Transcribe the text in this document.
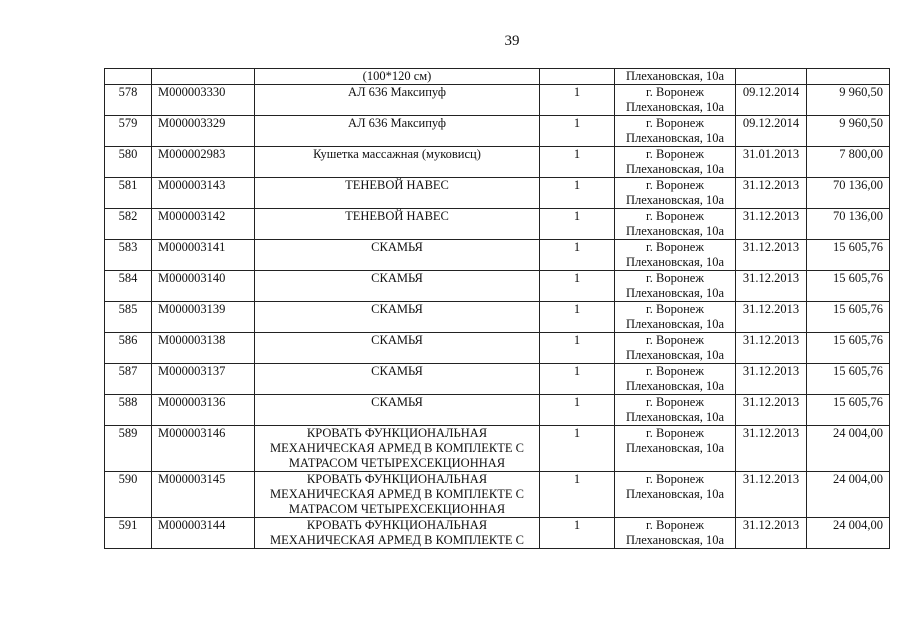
39

		(100*120 см)		Плехановская, 10а		

578	М000003330	АЛ 636 Максипуф	1	г. Воронеж
Плехановская, 10а	09.12.2014	9 960,50
579	М000003329	АЛ 636 Максипуф	1	г. Воронеж
Плехановская, 10а	09.12.2014	9 960,50
580	М000002983	Кушетка массажная (муковисц)	1	г. Воронеж
Плехановская, 10а	31.01.2013	7 800,00
581	М000003143	ТЕНЕВОЙ НАВЕС	1	г. Воронеж
Плехановская, 10а	31.12.2013	70 136,00
582	М000003142	ТЕНЕВОЙ НАВЕС	1	г. Воронеж
Плехановская, 10а	31.12.2013	70 136,00
583	М000003141	СКАМЬЯ	1	г. Воронеж
Плехановская, 10а	31.12.2013	15 605,76
584	М000003140	СКАМЬЯ	1	г. Воронеж
Плехановская, 10а	31.12.2013	15 605,76
585	М000003139	СКАМЬЯ	1	г. Воронеж
Плехановская, 10а	31.12.2013	15 605,76
586	М000003138	СКАМЬЯ	1	г. Воронеж
Плехановская, 10а	31.12.2013	15 605,76
587	М000003137	СКАМЬЯ	1	г. Воронеж
Плехановская, 10а	31.12.2013	15 605,76
588	М000003136	СКАМЬЯ	1	г. Воронеж
Плехановская, 10а	31.12.2013	15 605,76
589	М000003146	КРОВАТЬ ФУНКЦИОНАЛЬНАЯ
МЕХАНИЧЕСКАЯ АРМЕД В КОМПЛЕКТЕ С
МАТРАСОМ ЧЕТЫРЕХСЕКЦИОННАЯ	1	г. Воронеж
Плехановская, 10а	31.12.2013	24 004,00
590	М000003145	КРОВАТЬ ФУНКЦИОНАЛЬНАЯ
МЕХАНИЧЕСКАЯ АРМЕД В КОМПЛЕКТЕ С
МАТРАСОМ ЧЕТЫРЕХСЕКЦИОННАЯ	1	г. Воронеж
Плехановская, 10а	31.12.2013	24 004,00
591	М000003144	КРОВАТЬ ФУНКЦИОНАЛЬНАЯ
МЕХАНИЧЕСКАЯ АРМЕД В КОМПЛЕКТЕ С	1	г. Воронеж
Плехановская, 10а	31.12.2013	24 004,00
